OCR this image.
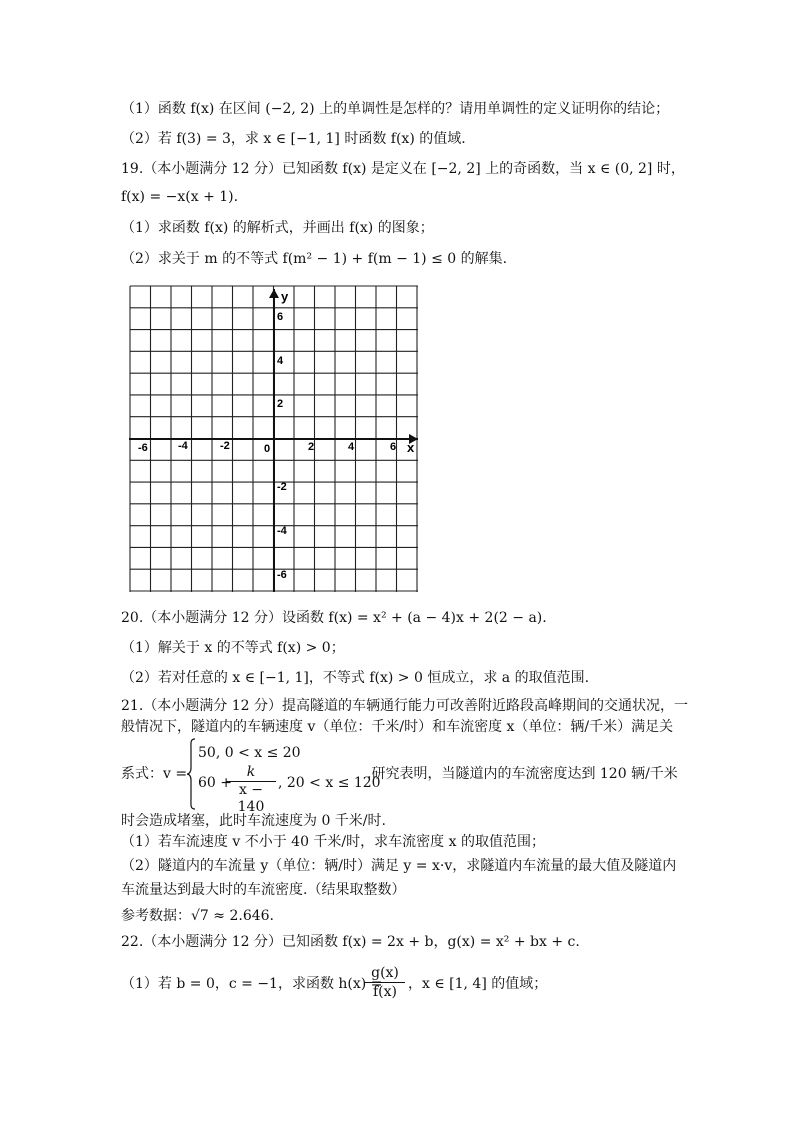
（1）函数 f(x) 在区间 (−2, 2) 上的单调性是怎样的？请用单调性的定义证明你的结论；
（2）若 f(3) = 3，求 x ∈ [−1, 1] 时函数 f(x) 的值域.
19.（本小题满分 12 分）已知函数 f(x) 是定义在 [−2, 2] 上的奇函数，当 x ∈ (0, 2] 时，
f(x) = −x(x + 1).
（1）求函数 f(x) 的解析式，并画出 f(x) 的图象；
（2）求关于 m 的不等式 f(m² − 1) + f(m − 1) ≤ 0 的解集.
y
x
-6	-4	-2	0	2	4	6
6
4
2
-2
-4
-6
20.（本小题满分 12 分）设函数 f(x) = x² + (a − 4)x + 2(2 − a).
（1）解关于 x 的不等式 f(x) > 0；
（2）若对任意的 x ∈ [−1, 1]，不等式 f(x) > 0 恒成立，求 a 的取值范围.
21.（本小题满分 12 分）提高隧道的车辆通行能力可改善附近路段高峰期间的交通状况，一
般情况下，隧道内的车辆速度 v（单位：千米/时）和车流密度 x（单位：辆/千米）满足关
系式：v =
50, 0 < x ≤ 20
60 +
$\frac{k}{x - 140}$ , 20 < x ≤ 120
.研究表明，当隧道内的车流密度达到 120 辆/千米
时会造成堵塞，此时车流速度为 0 千米/时.
（1）若车流速度 v 不小于 40 千米/时，求车流密度 x 的取值范围；
（2）隧道内的车流量 y（单位：辆/时）满足 y = x·v，求隧道内车流量的最大值及隧道内
车流量达到最大时的车流密度.（结果取整数）
参考数据：√7 ≈ 2.646.
22.（本小题满分 12 分）已知函数 f(x) = 2x + b，g(x) = x² + bx + c.
（1）若 b = 0，c = −1，求函数 h(x) =
$\frac{g(x)}{f(x)}$ ，x ∈ [1, 4] 的值域；
